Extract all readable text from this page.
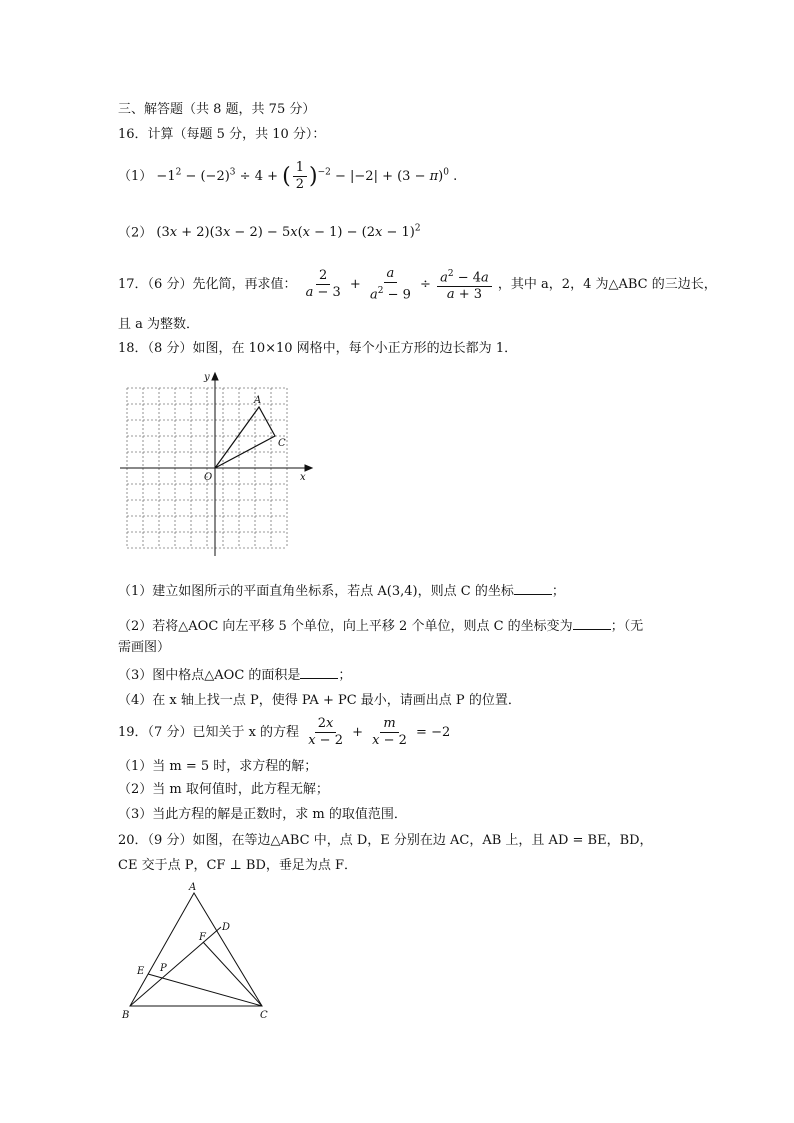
三、解答题（共 8 题，共 75 分）
16．计算（每题 5 分，共 10 分）：
$(1) -1^2 - (-2)^3 \div 4$ + ( $\frac{1}{2} )^{-2} - |-2| + (3 - \pi)^0$ .
（2） $(3x + 2)(3x - 2) - 5x(x - 1) - (2x - 1)^2$
17．（6 分）先化简，再求值： $\frac{2}{a - 3} + \frac{a}{a^2 - 9} \div \frac{a^2 - 4a}{a + 3}$ ，其中 a，2，4 为△ABC 的三边长，
且 a 为整数．
18．（8 分）如图，在 10×10 网格中，每个小正方形的边长都为 1．
y
x
O
A
C
（1）建立如图所示的平面直角坐标系，若点 A(3,4)，则点 C 的坐标	；
（2）若将△AOC 向左平移 5 个单位，向上平移 2 个单位，则点 C 的坐标变为	；（无
需画图）
（3）图中格点△AOC 的面积是	；
（4）在 x 轴上找一点 P，使得 PA + PC 最小，请画出点 P 的位置．
19．（7 分）已知关于 x 的方程 $\frac{2x}{x - 2} + \frac{m}{x - 2} = -2$
（1）当 m = 5 时，求方程的解；
（2）当 m 取何值时，此方程无解；
（3）当此方程的解是正数时，求 m 的取值范围．
20．（9 分）如图，在等边△ABC 中，点 D，E 分别在边 AC，AB 上，且 AD = BE，BD，
CE 交于点 P，CF ⊥ BD，垂足为点 F．
A
B	C
D
E
F
P
